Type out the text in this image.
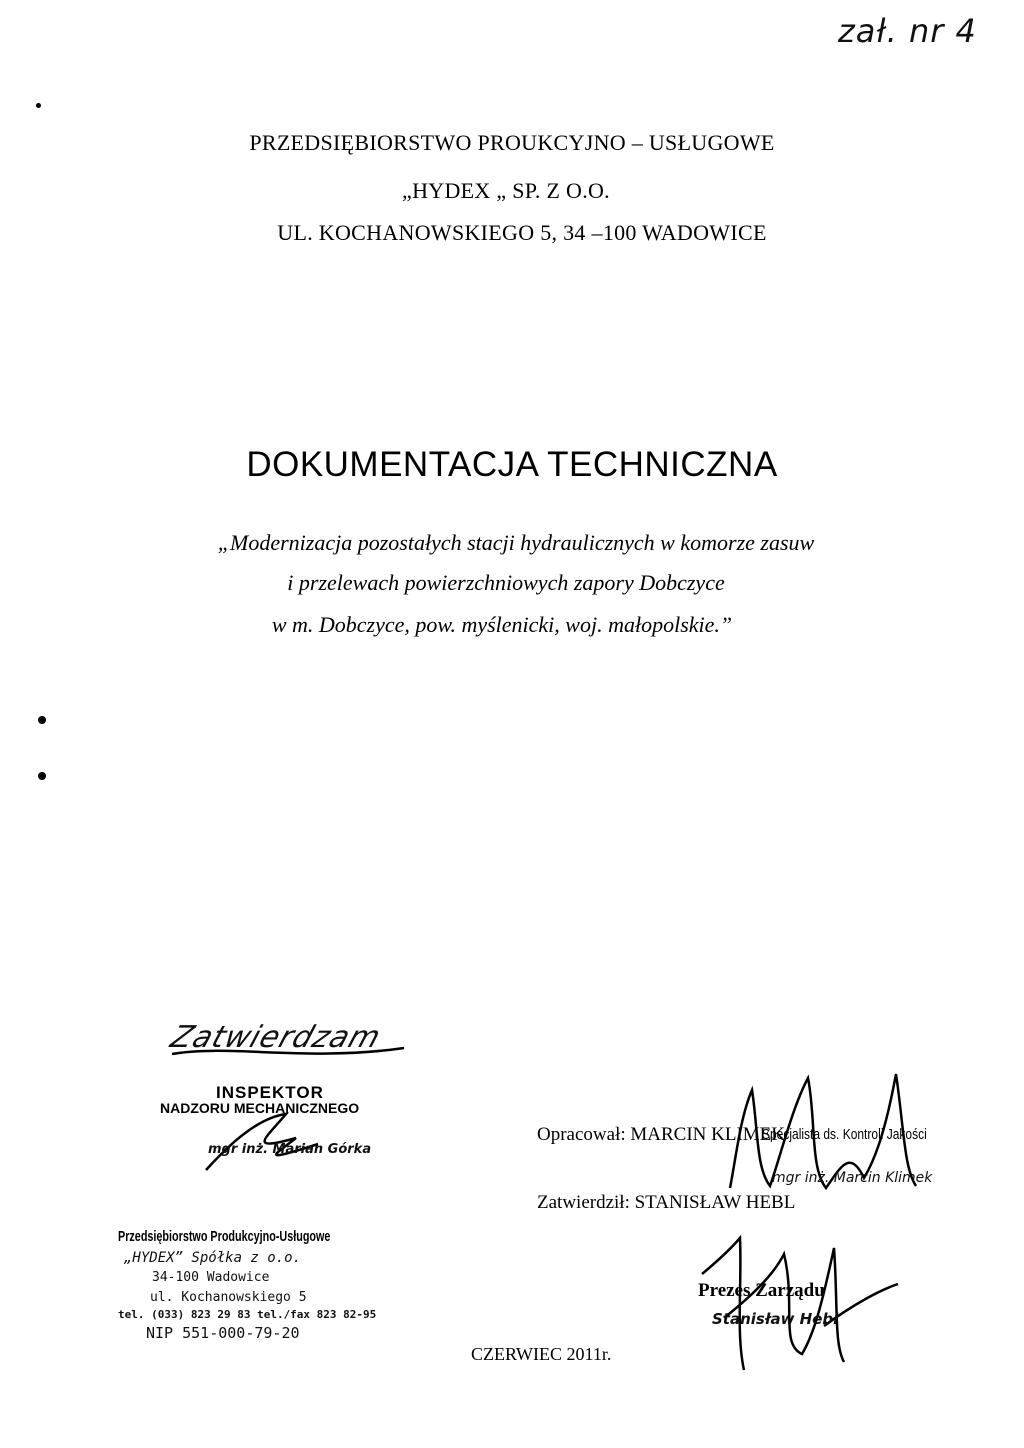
zał. nr 4
PRZEDSIĘBIORSTWO PROUKCYJNO – USŁUGOWE
„HYDEX „ SP. Z O.O.
UL. KOCHANOWSKIEGO 5, 34 –100 WADOWICE
DOKUMENTACJA TECHNICZNA
„Modernizacja pozostałych stacji hydraulicznych w komorze zasuw
i przelewach powierzchniowych zapory Dobczyce
w m. Dobczyce, pow. myślenicki, woj. małopolskie.”
Zatwierdzam
INSPEKTOR
NADZORU MECHANICZNEGO
mgr inż. Marian Górka
Przedsiębiorstwo Produkcyjno-Usługowe
„HYDEX” Spółka z o.o.
34-100 Wadowice
ul. Kochanowskiego 5
tel. (033) 823 29 83 tel./fax 823 82-95
NIP 551-000-79-20
Opracował: MARCIN KLIMEK
Specjalista ds. Kontroli Jakości
mgr inż. Marcin Klimek
Zatwierdził: STANISŁAW HEBL
Prezes Zarządu
Stanisław Hebl
CZERWIEC 2011r.
